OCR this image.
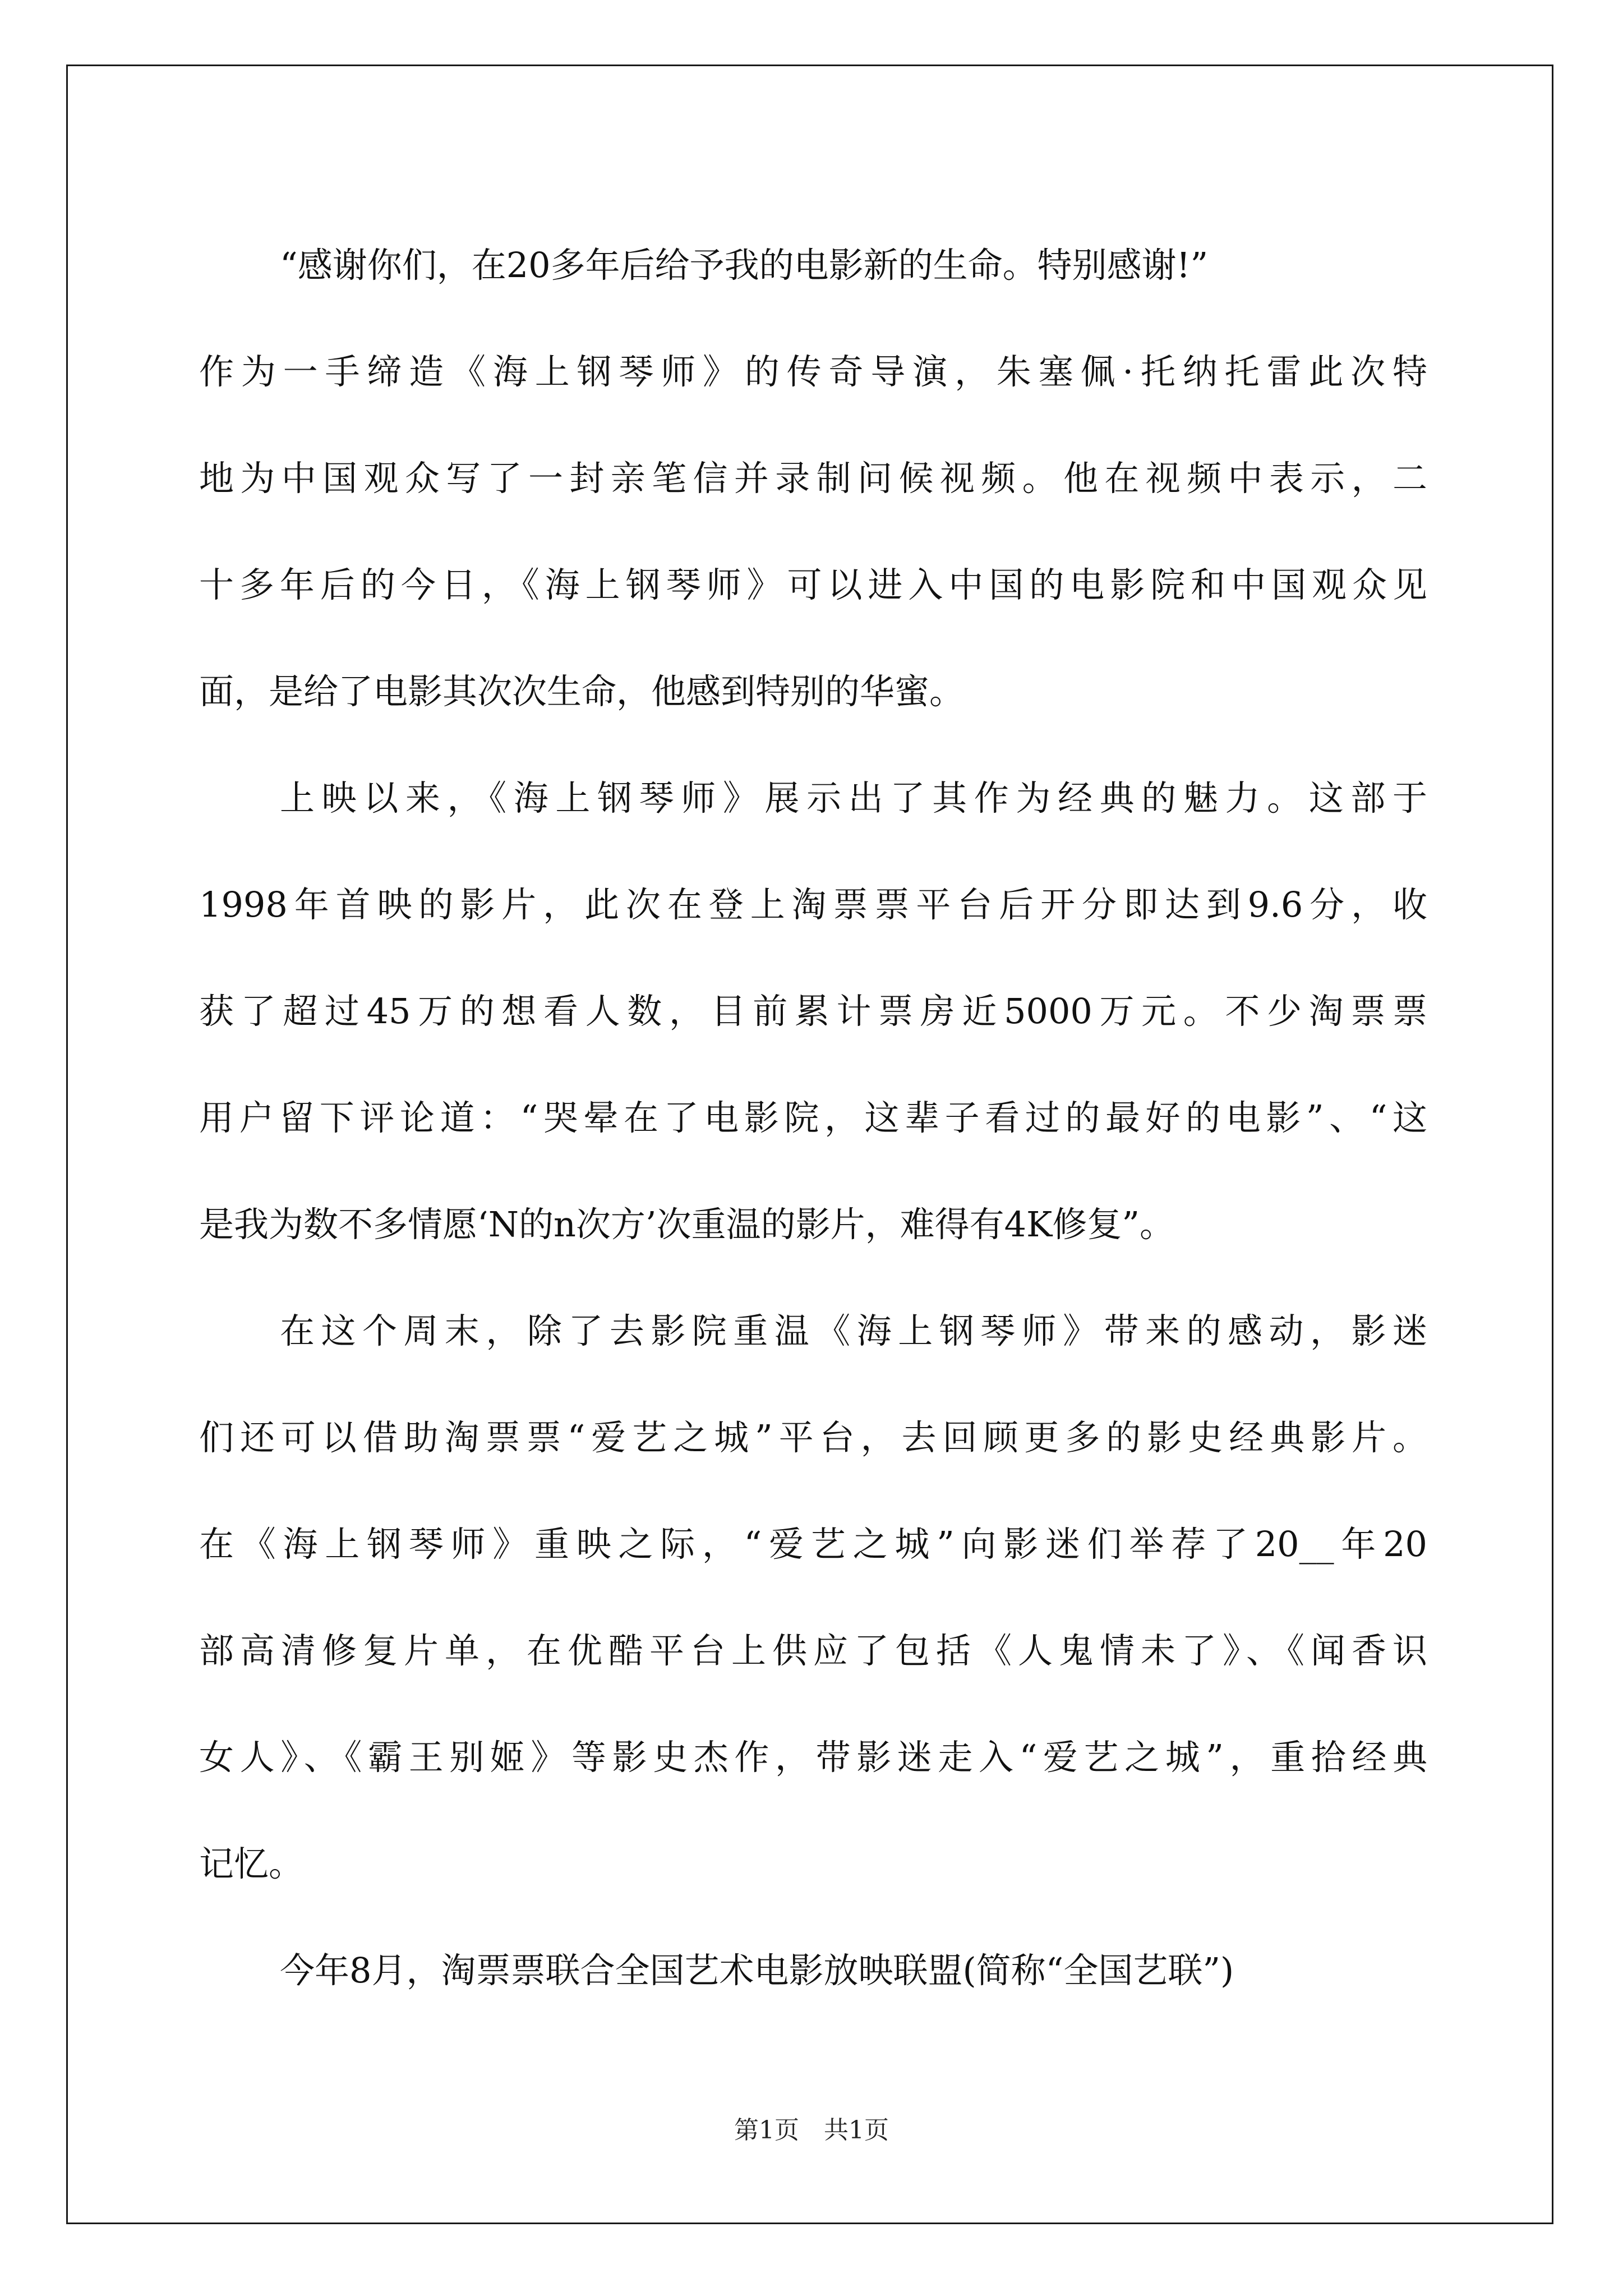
“感谢你们，在20多年后给予我的电影新的生命。特别感谢!”
作为一手缔造《海上钢琴师》的传奇导演，朱塞佩·托纳托雷此次特
地为中国观众写了一封亲笔信并录制问候视频。他在视频中表示，二
十多年后的今日，《海上钢琴师》可以进入中国的电影院和中国观众见
面，是给了电影其次次生命，他感到特别的华蜜。
上映以来，《海上钢琴师》展示出了其作为经典的魅力。这部于
1998年首映的影片，此次在登上淘票票平台后开分即达到9.6分，收
获了超过45万的想看人数，目前累计票房近5000万元。不少淘票票
用户留下评论道：“哭晕在了电影院，这辈子看过的最好的电影”、“这
是我为数不多情愿‘N的n次方’次重温的影片，难得有4K修复”。
在这个周末，除了去影院重温《海上钢琴师》带来的感动，影迷
们还可以借助淘票票“爱艺之城”平台，去回顾更多的影史经典影片。
在《海上钢琴师》重映之际，“爱艺之城”向影迷们举荐了20__年20
部高清修复片单，在优酷平台上供应了包括《人鬼情未了》、《闻香识
女人》、《霸王别姬》等影史杰作，带影迷走入“爱艺之城”，重拾经典
记忆。
今年8月，淘票票联合全国艺术电影放映联盟(简称“全国艺联”)
第1页　共1页
